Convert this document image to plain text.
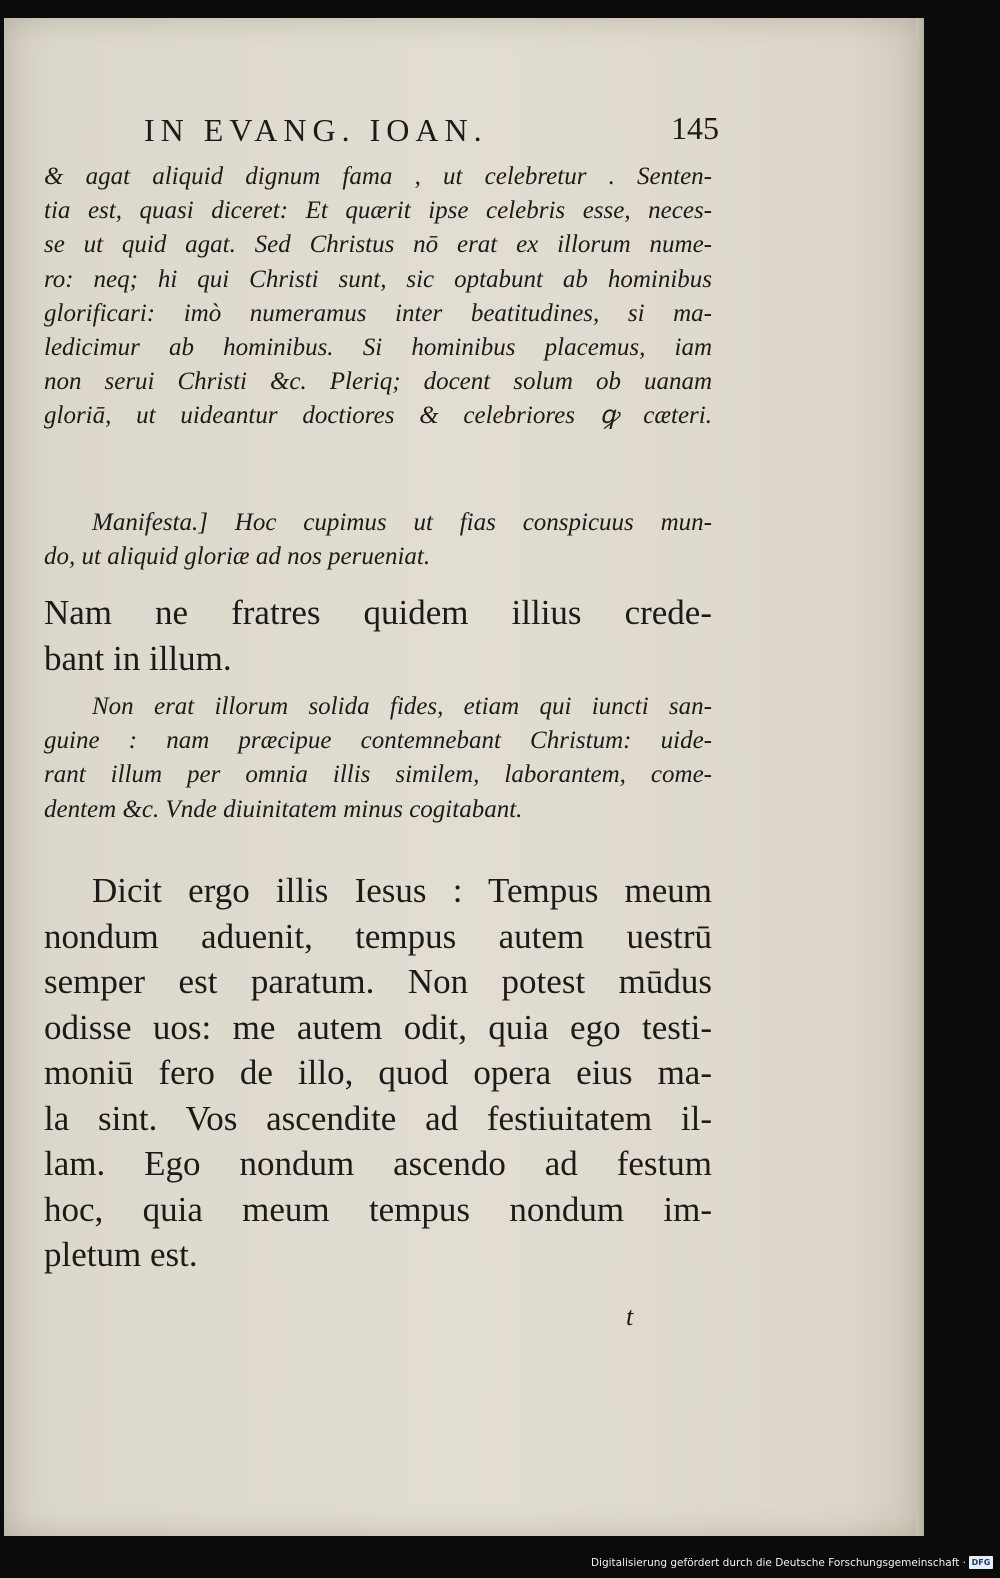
IN EVANG. IOAN.	145
& agat aliquid dignum fama , ut celebretur . Senten-
tia est, quasi diceret: Et quærit ipse celebris esse, neces-
se ut quid agat. Sed Christus nō erat ex illorum nume-
ro: neq; hi qui Christi sunt, sic optabunt ab hominibus
glorificari: imò numeramus inter beatitudines, si ma-
ledicimur ab hominibus. Si hominibus placemus, iam
non serui Christi &c. Pleriq; docent solum ob uanam
gloriā, ut uideantur doctiores & celebriores ꝙ cæteri.
Manifesta.] Hoc cupimus ut fias conspicuus mun-
do, ut aliquid gloriæ ad nos perueniat.
Nam ne fratres quidem illius crede-
bant in illum.
Non erat illorum solida fides, etiam qui iuncti san-
guine : nam præcipue contemnebant Christum: uide-
rant illum per omnia illis similem, laborantem, come-
dentem &c. Vnde diuinitatem minus cogitabant.
Dicit ergo illis Iesus : Tempus meum
nondum aduenit, tempus autem uestrū
semper est paratum. Non potest mūdus
odisse uos: me autem odit, quia ego testi-
moniū fero de illo, quod opera eius ma-
la sint. Vos ascendite ad festiuitatem il-
lam. Ego nondum ascendo ad festum
hoc, quia meum tempus nondum im-
pletum est.
t
Digitalisierung gefördert durch die Deutsche Forschungsgemeinschaft · DFG
